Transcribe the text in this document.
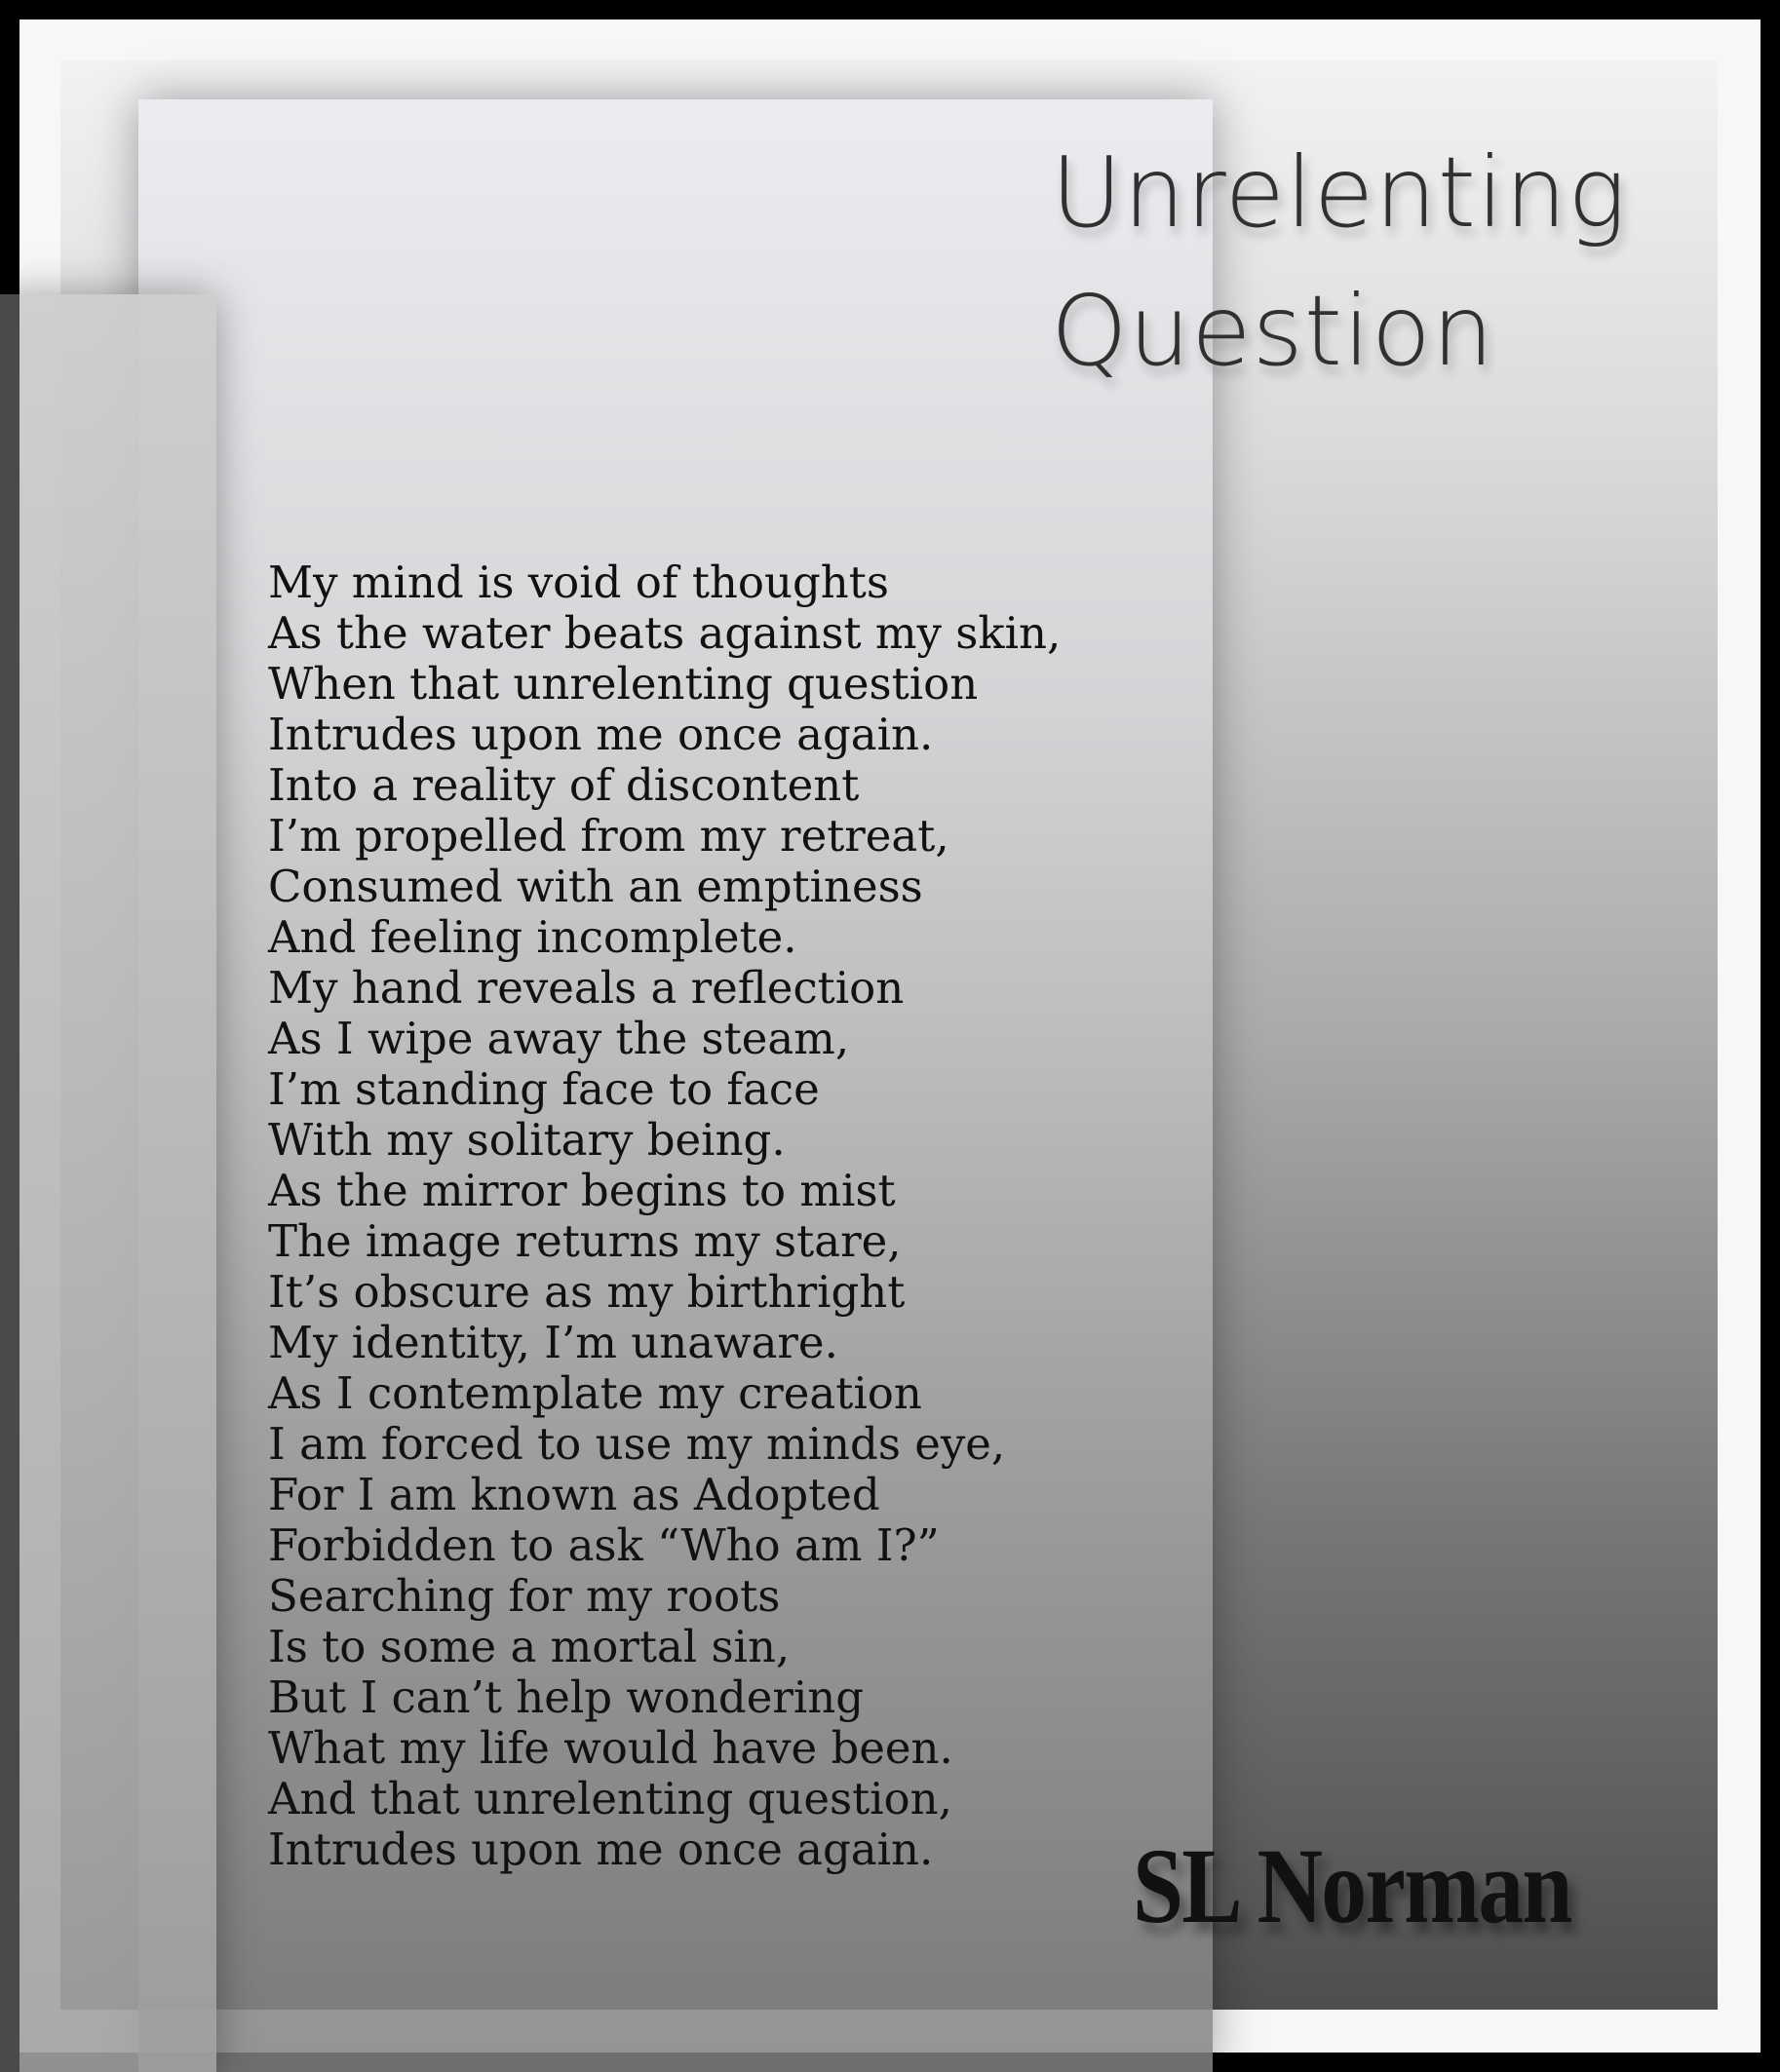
Unrelenting
Question
My mind is void of thoughts
As the water beats against my skin,
When that unrelenting question
Intrudes upon me once again.
Into a reality of discontent
I’m propelled from my retreat,
Consumed with an emptiness
And feeling incomplete.
My hand reveals a reflection
As I wipe away the steam,
I’m standing face to face
With my solitary being.
As the mirror begins to mist
The image returns my stare,
It’s obscure as my birthright
My identity, I’m unaware.
As I contemplate my creation
I am forced to use my minds eye,
For I am known as Adopted
Forbidden to ask “Who am I?”
Searching for my roots
Is to some a mortal sin,
But I can’t help wondering
What my life would have been.
And that unrelenting question,
Intrudes upon me once again.	SL Norman
